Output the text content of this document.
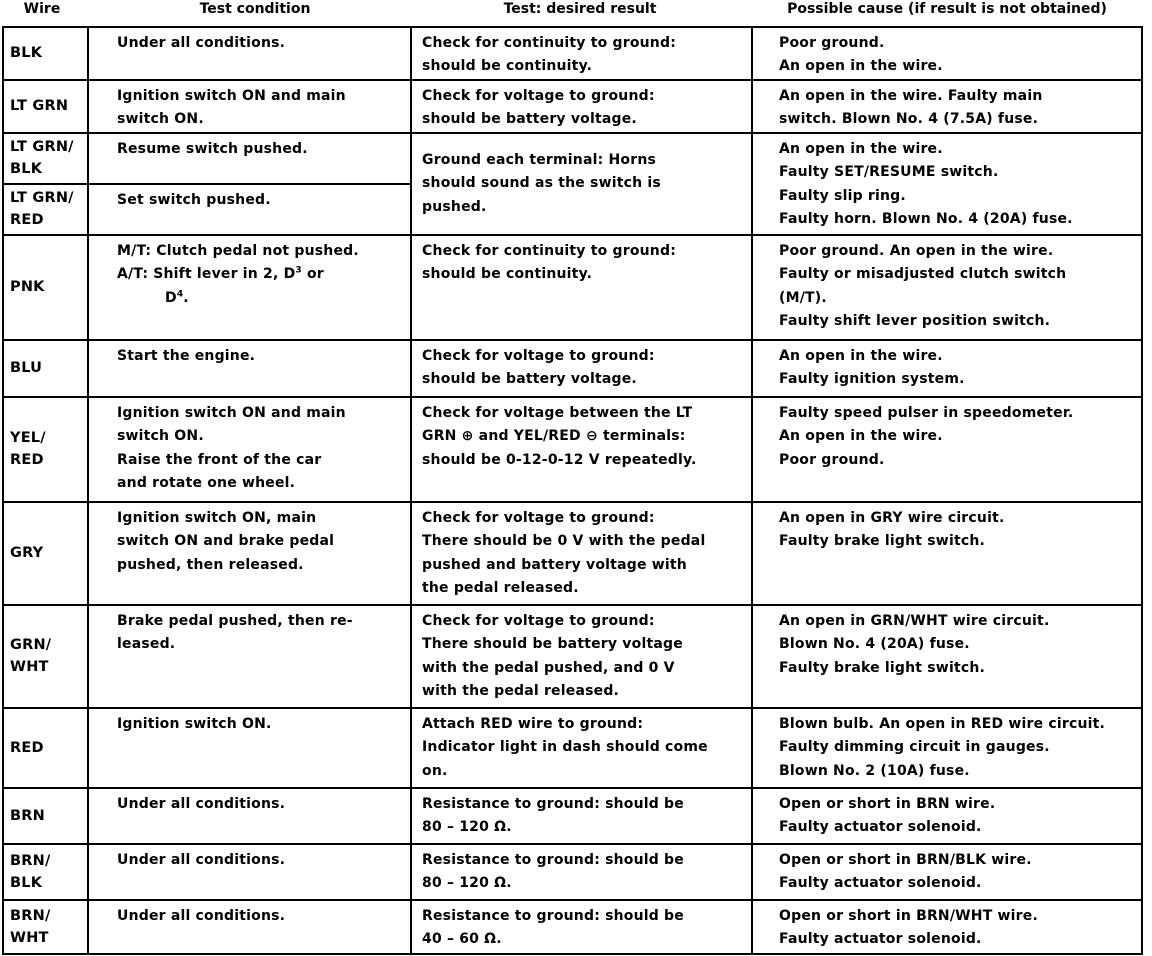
Wire	Test condition	Test: desired result	Possible cause (if result is not obtained)
BLK	Under all conditions.	Check for continuity to ground:
should be continuity.	Poor ground.
An open in the wire.

LT GRN	Ignition switch ON and main
switch ON.	Check for voltage to ground:
should be battery voltage.	An open in the wire. Faulty main
switch. Blown No. 4 (7.5A) fuse.

LT GRN/
BLK	Resume switch pushed.	Ground each terminal: Horns
should sound as the switch is
pushed.	An open in the wire.
Faulty SET/RESUME switch.
Faulty slip ring.
Faulty horn. Blown No. 4 (20A) fuse.

LT GRN/
RED	Set switch pushed.		

PNK	M/T: Clutch pedal not pushed.
A/T: Shift lever in 2, $D^3$ or
$D^4$.	Check for continuity to ground:
should be continuity.	Poor ground. An open in the wire.
Faulty or misadjusted clutch switch
(M/T).
Faulty shift lever position switch.

BLU	Start the engine.	Check for voltage to ground:
should be battery voltage.	An open in the wire.
Faulty ignition system.

YEL/
RED	Ignition switch ON and main
switch ON.
Raise the front of the car
and rotate one wheel.	Check for voltage between the LT
GRN ⊕ and YEL/RED ⊖ terminals:
should be 0-12-0-12 V repeatedly.	Faulty speed pulser in speedometer.
An open in the wire.
Poor ground.

GRY	Ignition switch ON, main
switch ON and brake pedal
pushed, then released.	Check for voltage to ground:
There should be 0 V with the pedal
pushed and battery voltage with
the pedal released.	An open in GRY wire circuit.
Faulty brake light switch.

GRN/
WHT	Brake pedal pushed, then re-
leased.	Check for voltage to ground:
There should be battery voltage
with the pedal pushed, and 0 V
with the pedal released.	An open in GRN/WHT wire circuit.
Blown No. 4 (20A) fuse.
Faulty brake light switch.

RED	Ignition switch ON.	Attach RED wire to ground:
Indicator light in dash should come
on.	Blown bulb. An open in RED wire circuit.
Faulty dimming circuit in gauges.
Blown No. 2 (10A) fuse.

BRN	Under all conditions.	Resistance to ground: should be
80 – 120 Ω.	Open or short in BRN wire.
Faulty actuator solenoid.

BRN/
BLK	Under all conditions.	Resistance to ground: should be
80 – 120 Ω.	Open or short in BRN/BLK wire.
Faulty actuator solenoid.

BRN/
WHT	Under all conditions.	Resistance to ground: should be
40 – 60 Ω.	Open or short in BRN/WHT wire.
Faulty actuator solenoid.
